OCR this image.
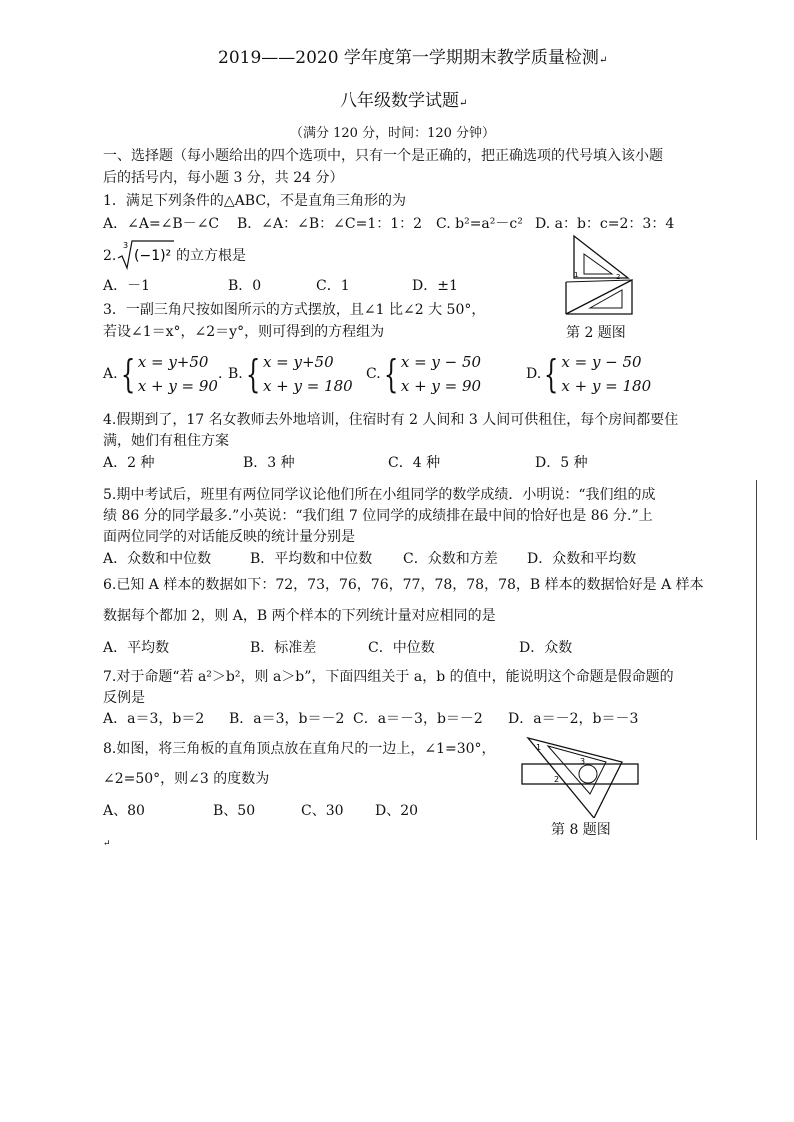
2019——2020 学年度第一学期期末教学质量检测↵
八年级数学试题↵
（满分 120 分，时间：120 分钟）
一、选择题（每小题给出的四个选项中，只有一个是正确的，把正确选项的代号填入该小题
后的括号内，每小题 3 分，共 24 分）
1．满足下列条件的△ABC，不是直角三角形的为
A．∠A=∠B－∠C B．∠A：∠B：∠C=1：1：2 C. b²=a²－c² D. a：b：c=2：3：4
2.
3
(−1)² 的立方根是
A．－1	B．0	C．1	D．±1
1	2
第 2 题图
3．一副三角尺按如图所示的方式摆放，且∠1 比∠2 大 50°，
若设∠1＝x°，∠2＝y°，则可得到的方程组为
A.{ x = y+50
x + y = 90
. B.{ x = y+50
x + y = 180
C.{ x = y − 50
x + y = 90
D.{ x = y − 50
x + y = 180
4.假期到了，17 名女教师去外地培训，住宿时有 2 人间和 3 人间可供租住，每个房间都要住
满，她们有租住方案
A．2 种	B．3 种	C．4 种	D．5 种
5.期中考试后，班里有两位同学议论他们所在小组同学的数学成绩．小明说：“我们组的成
绩 86 分的同学最多.”小英说：“我们组 7 位同学的成绩排在最中间的恰好也是 86 分.”上
面两位同学的对话能反映的统计量分别是
A．众数和中位数	B．平均数和中位数 C．众数和方差 D．众数和平均数
6.已知 A 样本的数据如下：72，73，76，76，77，78，78，78，B 样本的数据恰好是 A 样本
数据每个都加 2，则 A，B 两个样本的下列统计量对应相同的是
A．平均数	B．标准差	C．中位数	D．众数
7.对于命题“若 a²＞b²，则 a＞b”，下面四组关于 a，b 的值中，能说明这个命题是假命题的
反例是
A．a＝3，b＝2 B．a＝3，b＝－2 C．a＝－3，b＝－2 D．a＝－2，b＝－3
8.如图，将三角板的直角顶点放在直角尺的一边上，∠1=30°，
∠2=50°，则∠3 的度数为
A、80	B、50	C、30 D、20
1
2
3
第 8 题图
↵
